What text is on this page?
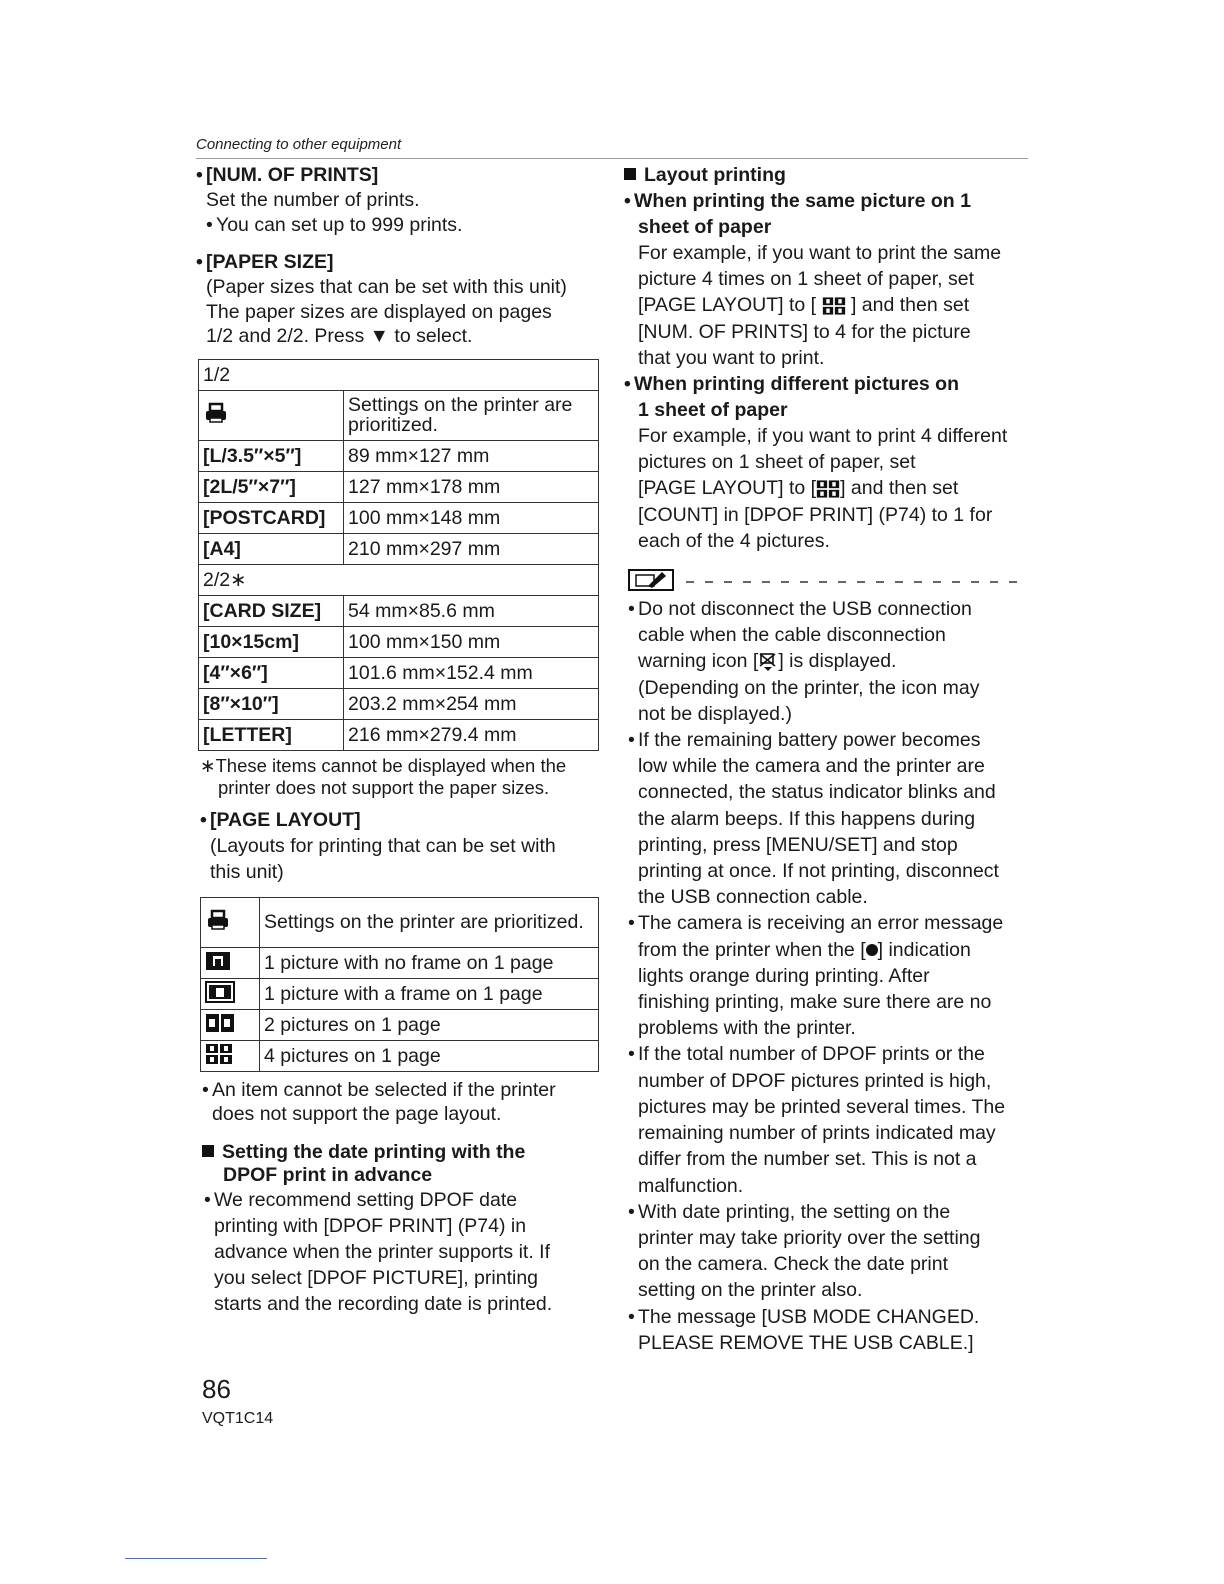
Connecting to other equipment
• [NUM. OF PRINTS]
Set the number of prints.
• You can set up to 999 prints.
• [PAPER SIZE]
(Paper sizes that can be set with this unit)
The paper sizes are displayed on pages
1/2 and 2/2. Press ▼ to select.
1/2	
	Settings on the printer are prioritized.
[L/3.5″×5″]	89 mm×127 mm
[2L/5″×7″]	127 mm×178 mm
[POSTCARD]	100 mm×148 mm
[A4]	210 mm×297 mm
2/2∗	
[CARD SIZE]	54 mm×85.6 mm
[10×15cm]	100 mm×150 mm
[4″×6″]	101.6 mm×152.4 mm
[8″×10″]	203.2 mm×254 mm
[LETTER]	216 mm×279.4 mm
∗These items cannot be displayed when the
printer does not support the paper sizes.
• [PAGE LAYOUT]
(Layouts for printing that can be set with
this unit)
	Settings on the printer are prioritized.
	1 picture with no frame on 1 page
	1 picture with a frame on 1 page
	2 pictures on 1 page
	4 pictures on 1 page
• An item cannot be selected if the printer
does not support the page layout.
Setting the date printing with the
DPOF print in advance
• We recommend setting DPOF date
printing with [DPOF PRINT] (P74) in
advance when the printer supports it. If
you select [DPOF PICTURE], printing
starts and the recording date is printed.
Layout printing
• When printing the same picture on 1
sheet of paper
For example, if you want to print the same
picture 4 times on 1 sheet of paper, set
[PAGE LAYOUT] to [ ] and then set
[NUM. OF PRINTS] to 4 for the picture
that you want to print.
• When printing different pictures on
1 sheet of paper
For example, if you want to print 4 different
pictures on 1 sheet of paper, set
[PAGE LAYOUT] to [ ] and then set
[COUNT] in [DPOF PRINT] (P74) to 1 for
each of the 4 pictures.
• Do not disconnect the USB connection
cable when the cable disconnection
warning icon [ ] is displayed.
(Depending on the printer, the icon may
not be displayed.)
• If the remaining battery power becomes
low while the camera and the printer are
connected, the status indicator blinks and
the alarm beeps. If this happens during
printing, press [MENU/SET] and stop
printing at once. If not printing, disconnect
the USB connection cable.
• The camera is receiving an error message
from the printer when the [ ] indication
lights orange during printing. After
finishing printing, make sure there are no
problems with the printer.
• If the total number of DPOF prints or the
number of DPOF pictures printed is high,
pictures may be printed several times. The
remaining number of prints indicated may
differ from the number set. This is not a
malfunction.
• With date printing, the setting on the
printer may take priority over the setting
on the camera. Check the date print
setting on the printer also.
• The message [USB MODE CHANGED.
PLEASE REMOVE THE USB CABLE.]
86
VQT1C14
